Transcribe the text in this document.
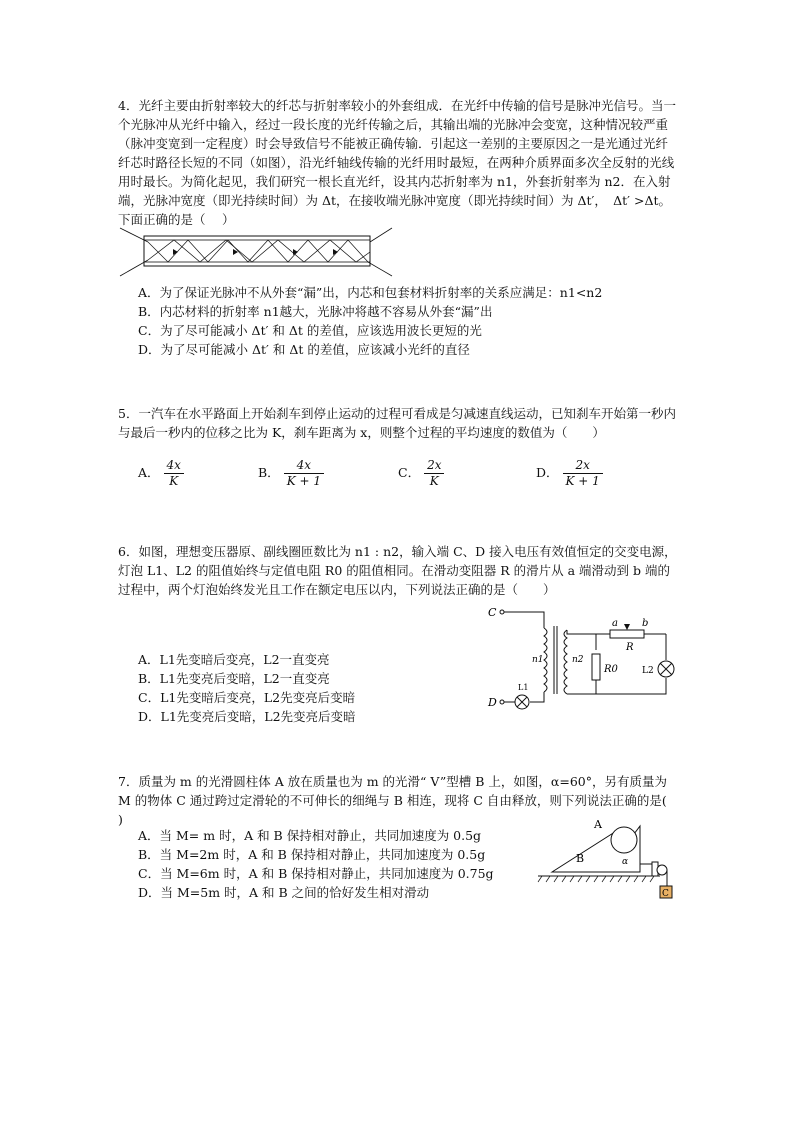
4．光纤主要由折射率较大的纤芯与折射率较小的外套组成．在光纤中传输的信号是脉冲光信号。当一个光脉冲从光纤中输入，经过一段长度的光纤传输之后，其输出端的光脉冲会变宽，这种情况较严重（脉冲变宽到一定程度）时会导致信号不能被正确传输．引起这一差别的主要原因之一是光通过光纤纤芯时路径长短的不同（如图），沿光纤轴线传输的光纤用时最短，在两种介质界面多次全反射的光线用时最长。为简化起见，我们研究一根长直光纤，设其内芯折射率为 n1，外套折射率为 n2．在入射端，光脉冲宽度（即光持续时间）为 Δt，在接收端光脉冲宽度（即光持续时间）为 Δt′，　Δt′ >Δt。下面正确的是（　 ）

A．为了保证光脉冲不从外套“漏”出，内芯和包套材料折射率的关系应满足：n1<n2
B．内芯材料的折射率 n1越大，光脉冲将越不容易从外套“漏”出
C．为了尽可能减小 Δt′ 和 Δt 的差值，应该选用波长更短的光
D．为了尽可能减小 Δt′ 和 Δt 的差值，应该减小光纤的直径

5．一汽车在水平路面上开始刹车到停止运动的过程可看成是匀减速直线运动，已知刹车开始第一秒内与最后一秒内的位移之比为 K，刹车距离为 x，则整个过程的平均速度的数值为（　　）

A． $\frac{4x}{K}$	B． $\frac{4x}{K + 1}$	C． $\frac{2x}{K}$	D． $\frac{2x}{K + 1}$

6．如图，理想变压器原、副线圈匝数比为 n1 : n2，输入端 C、D 接入电压有效值恒定的交变电源，灯泡 L1、L2 的阻值始终与定值电阻 R0 的阻值相同。在滑动变阻器 R 的滑片从 a 端滑动到 b 端的过程中，两个灯泡始终发光且工作在额定电压以内，下列说法正确的是（　　）

C
D
L1
n1	n2
a b
R
R0	L2
A．L1先变暗后变亮，L2一直变亮
B．L1先变亮后变暗，L2一直变亮
C．L1先变暗后变亮，L2先变亮后变暗
D．L1先变亮后变暗，L2先变亮后变暗

7．质量为 m 的光滑圆柱体 A 放在质量也为 m 的光滑“ V”型槽 B 上，如图，α=60°，另有质量为 M 的物体 C 通过跨过定滑轮的不可伸长的细绳与 B 相连，现将 C 自由释放，则下列说法正确的是(　 )

B
A
α
C
A．当 M= m 时，A 和 B 保持相对静止，共同加速度为 0.5g
B．当 M=2m 时，A 和 B 保持相对静止，共同加速度为 0.5g
C．当 M=6m 时，A 和 B 保持相对静止，共同加速度为 0.75g
D．当 M=5m 时，A 和 B 之间的恰好发生相对滑动
